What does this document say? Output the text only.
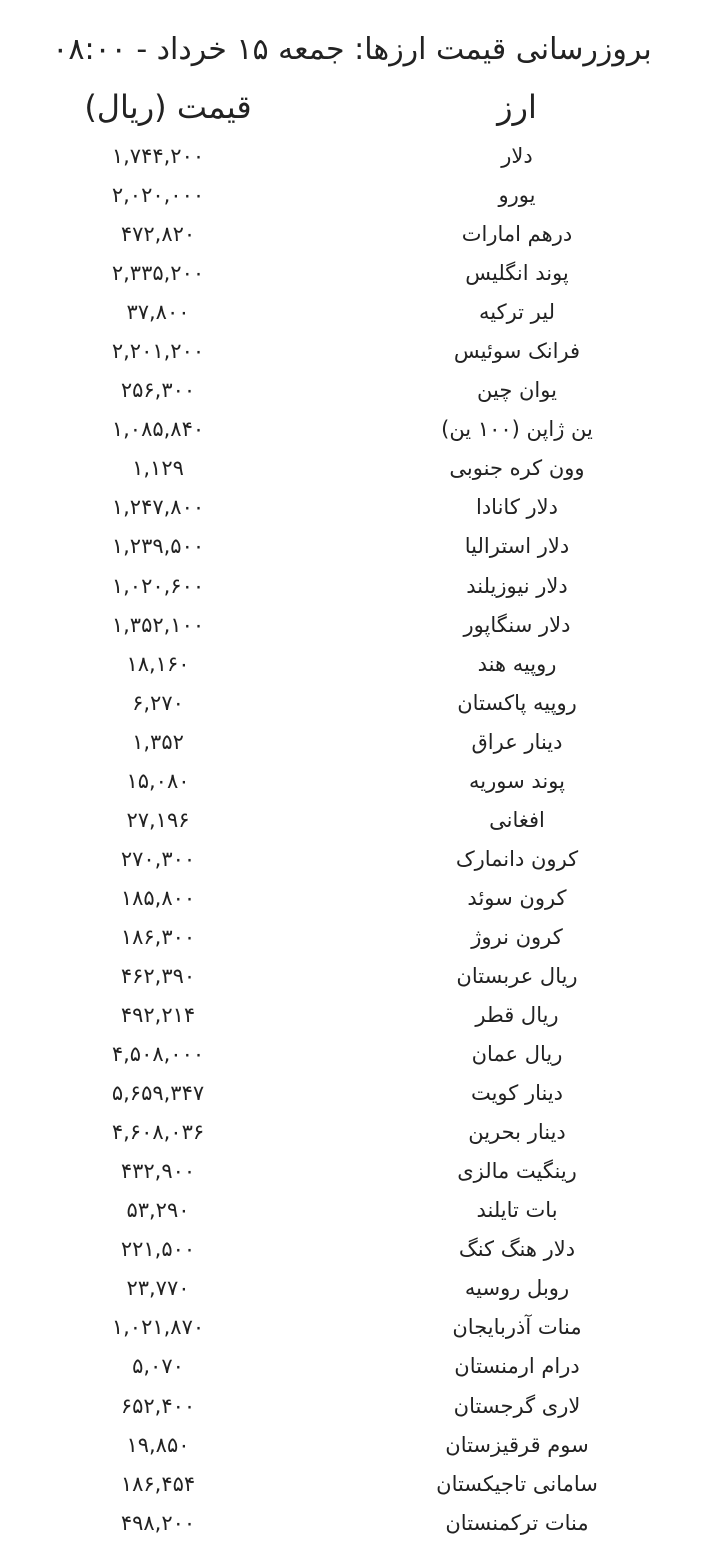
بروزرسانی قیمت ارزها: جمعه ۱۵ خرداد - ۰۸:۰۰
ارز
قیمت (ریال)
دلار
۱,۷۴۴,۲۰۰
یورو
۲,۰۲۰,۰۰۰
درهم امارات
۴۷۲,۸۲۰
پوند انگلیس
۲,۳۳۵,۲۰۰
لیر ترکیه
۳۷,۸۰۰
فرانک سوئیس
۲,۲۰۱,۲۰۰
یوان چین
۲۵۶,۳۰۰
ین ژاپن (۱۰۰ ین)
۱,۰۸۵,۸۴۰
وون کره جنوبی
۱,۱۲۹
دلار کانادا
۱,۲۴۷,۸۰۰
دلار استرالیا
۱,۲۳۹,۵۰۰
دلار نیوزیلند
۱,۰۲۰,۶۰۰
دلار سنگاپور
۱,۳۵۲,۱۰۰
روپیه هند
۱۸,۱۶۰
روپیه پاکستان
۶,۲۷۰
دینار عراق
۱,۳۵۲
پوند سوریه
۱۵,۰۸۰
افغانی
۲۷,۱۹۶
کرون دانمارک
۲۷۰,۳۰۰
کرون سوئد
۱۸۵,۸۰۰
کرون نروژ
۱۸۶,۳۰۰
ریال عربستان
۴۶۲,۳۹۰
ریال قطر
۴۹۲,۲۱۴
ریال عمان
۴,۵۰۸,۰۰۰
دینار کویت
۵,۶۵۹,۳۴۷
دینار بحرین
۴,۶۰۸,۰۳۶
رینگیت مالزی
۴۳۲,۹۰۰
بات تایلند
۵۳,۲۹۰
دلار هنگ کنگ
۲۲۱,۵۰۰
روبل روسیه
۲۳,۷۷۰
منات آذربایجان
۱,۰۲۱,۸۷۰
درام ارمنستان
۵,۰۷۰
لاری گرجستان
۶۵۲,۴۰۰
سوم قرقیزستان
۱۹,۸۵۰
سامانی تاجیکستان
۱۸۶,۴۵۴
منات ترکمنستان
۴۹۸,۲۰۰
